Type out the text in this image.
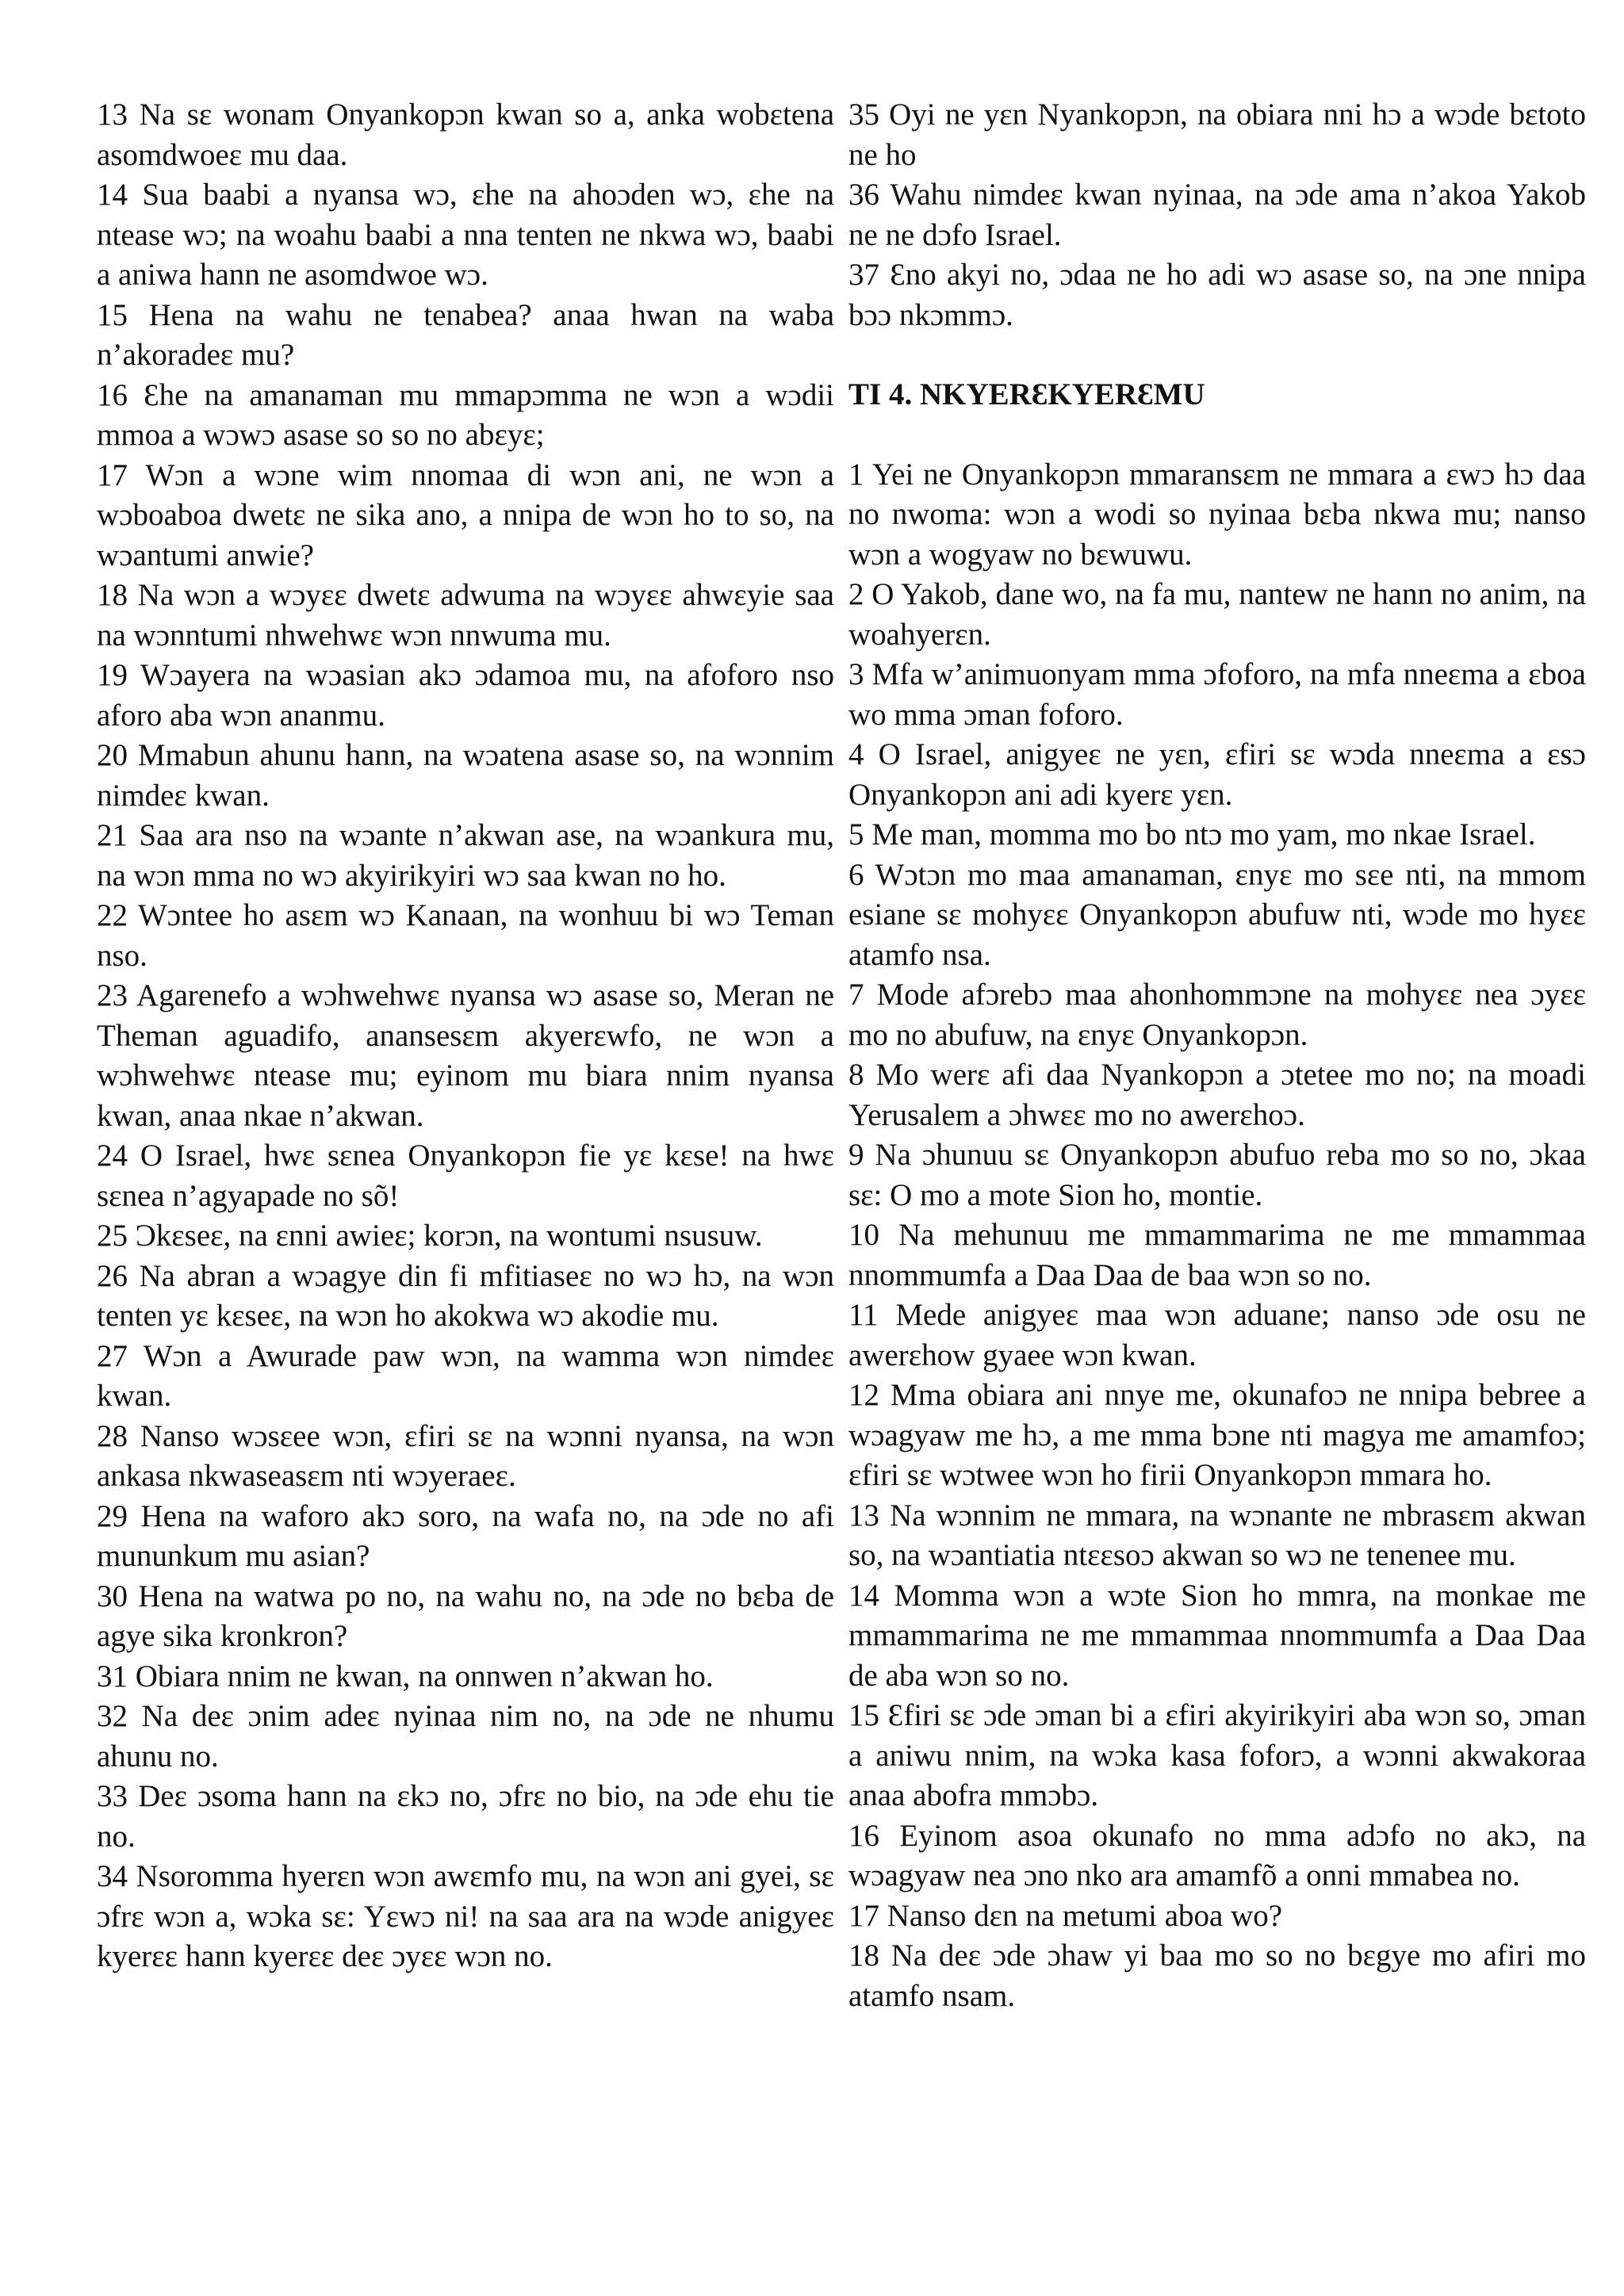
13 Na sɛ wonam Onyankopɔn kwan so a, anka wobɛtena asomdwoeɛ mu daa.

14 Sua baabi a nyansa wɔ, ɛhe na ahoɔden wɔ, ɛhe na ntease wɔ; na woahu baabi a nna tenten ne nkwa wɔ, baabi a aniwa hann ne asomdwoe wɔ.

15 Hena na wahu ne tenabea? anaa hwan na waba n’akoradeɛ mu?

16 Ɛhe na amanaman mu mmapɔmma ne wɔn a wɔdii mmoa a wɔwɔ asase so so no abɛyɛ;

17 Wɔn a wɔne wim nnomaa di wɔn ani, ne wɔn a wɔboaboa dwetɛ ne sika ano, a nnipa de wɔn ho to so, na wɔantumi anwie?

18 Na wɔn a wɔyɛɛ dwetɛ adwuma na wɔyɛɛ ahwɛyie saa na wɔnntumi nhwehwɛ wɔn nnwuma mu.

19 Wɔayera na wɔasian akɔ ɔdamoa mu, na afoforo nso aforo aba wɔn ananmu.

20 Mmabun ahunu hann, na wɔatena asase so, na wɔnnim nimdeɛ kwan.

21 Saa ara nso na wɔante n’akwan ase, na wɔankura mu, na wɔn mma no wɔ akyirikyiri wɔ saa kwan no ho.

22 Wɔntee ho asɛm wɔ Kanaan, na wonhuu bi wɔ Teman nso.

23 Agarenefo a wɔhwehwɛ nyansa wɔ asase so, Meran ne Theman aguadifo, anansesɛm akyerɛwfo, ne wɔn a wɔhwehwɛ ntease mu; eyinom mu biara nnim nyansa kwan, anaa nkae n’akwan.

24 O Israel, hwɛ sɛnea Onyankopɔn fie yɛ kɛse! na hwɛ sɛnea n’agyapade no sõ!

25 Ɔkɛseɛ, na ɛnni awieɛ; korɔn, na wontumi nsusuw.

26 Na abran a wɔagye din fi mfitiaseɛ no wɔ hɔ, na wɔn tenten yɛ kɛseɛ, na wɔn ho akokwa wɔ akodie mu.

27 Wɔn a Awurade paw wɔn, na wamma wɔn nimdeɛ kwan.

28 Nanso wɔsɛee wɔn, ɛfiri sɛ na wɔnni nyansa, na wɔn ankasa nkwaseasɛm nti wɔyeraeɛ.

29 Hena na waforo akɔ soro, na wafa no, na ɔde no afi mununkum mu asian?

30 Hena na watwa po no, na wahu no, na ɔde no bɛba de agye sika kronkron?

31 Obiara nnim ne kwan, na onnwen n’akwan ho.

32 Na deɛ ɔnim adeɛ nyinaa nim no, na ɔde ne nhumu ahunu no.

33 Deɛ ɔsoma hann na ɛkɔ no, ɔfrɛ no bio, na ɔde ehu tie no.

34 Nsoromma hyerɛn wɔn awɛmfo mu, na wɔn ani gyei, sɛ ɔfrɛ wɔn a, wɔka sɛ: Yɛwɔ ni! na saa ara na wɔde anigyeɛ kyerɛɛ hann kyerɛɛ deɛ ɔyɛɛ wɔn no.

35 Oyi ne yɛn Nyankopɔn, na obiara nni hɔ a wɔde bɛtoto ne ho

36 Wahu nimdeɛ kwan nyinaa, na ɔde ama n’akoa Yakob ne ne dɔfo Israel.

37 Ɛno akyi no, ɔdaa ne ho adi wɔ asase so, na ɔne nnipa bɔɔ nkɔmmɔ.

TI 4. NKYERƐKYERƐMU

1 Yei ne Onyankopɔn mmaransɛm ne mmara a ɛwɔ hɔ daa no nwoma: wɔn a wodi so nyinaa bɛba nkwa mu; nanso wɔn a wogyaw no bɛwuwu.

2 O Yakob, dane wo, na fa mu, nantew ne hann no anim, na woahyerɛn.

3 Mfa w’animuonyam mma ɔfoforo, na mfa nneɛma a ɛboa wo mma ɔman foforo.

4 O Israel, anigyeɛ ne yɛn, ɛfiri sɛ wɔda nneɛma a ɛsɔ Onyankopɔn ani adi kyerɛ yɛn.

5 Me man, momma mo bo ntɔ mo yam, mo nkae Israel.

6 Wɔtɔn mo maa amanaman, ɛnyɛ mo sɛe nti, na mmom esiane sɛ mohyɛɛ Onyankopɔn abufuw nti, wɔde mo hyɛɛ atamfo nsa.

7 Mode afɔrebɔ maa ahonhommɔne na mohyɛɛ nea ɔyɛɛ mo no abufuw, na ɛnyɛ Onyankopɔn.

8 Mo werɛ afi daa Nyankopɔn a ɔtetee mo no; na moadi Yerusalem a ɔhwɛɛ mo no awerɛhoɔ.

9 Na ɔhunuu sɛ Onyankopɔn abufuo reba mo so no, ɔkaa sɛ: O mo a mote Sion ho, montie.

10 Na mehunuu me mmammarima ne me mmammaa nnommumfa a Daa Daa de baa wɔn so no.

11 Mede anigyeɛ maa wɔn aduane; nanso ɔde osu ne awerɛhow gyaee wɔn kwan.

12 Mma obiara ani nnye me, okunafoɔ ne nnipa bebree a wɔagyaw me hɔ, a me mma bɔne nti magya me amamfoɔ; ɛfiri sɛ wɔtwee wɔn ho firii Onyankopɔn mmara ho.

13 Na wɔnnim ne mmara, na wɔnante ne mbrasɛm akwan so, na wɔantiatia ntɛɛsoɔ akwan so wɔ ne tenenee mu.

14 Momma wɔn a wɔte Sion ho mmra, na monkae me mmammarima ne me mmammaa nnommumfa a Daa Daa de aba wɔn so no.

15 Ɛfiri sɛ ɔde ɔman bi a ɛfiri akyirikyiri aba wɔn so, ɔman a aniwu nnim, na wɔka kasa foforɔ, a wɔnni akwakoraa anaa abofra mmɔbɔ.

16 Eyinom asoa okunafo no mma adɔfo no akɔ, na wɔagyaw nea ɔno nko ara amamfõ a onni mmabea no.

17 Nanso dɛn na metumi aboa wo?

18 Na deɛ ɔde ɔhaw yi baa mo so no bɛgye mo afiri mo atamfo nsam.
